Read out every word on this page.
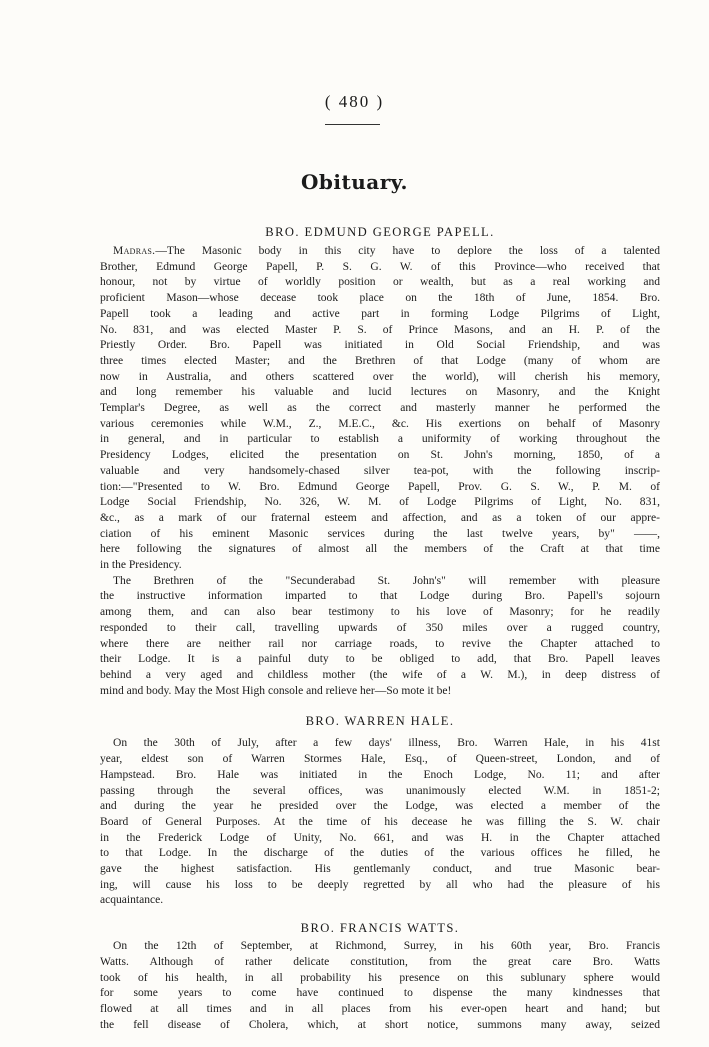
( 480 )
Obituary.
BRO. EDMUND GEORGE PAPELL.
Madras.—The Masonic body in this city have to deplore the loss of a talented
Brother, Edmund George Papell, P. S. G. W. of this Province—who received that
honour, not by virtue of worldly position or wealth, but as a real working and
proficient Mason—whose decease took place on the 18th of June, 1854. Bro.
Papell took a leading and active part in forming Lodge Pilgrims of Light,
No. 831, and was elected Master P. S. of Prince Masons, and an H. P. of the
Priestly Order. Bro. Papell was initiated in Old Social Friendship, and was
three times elected Master; and the Brethren of that Lodge (many of whom are
now in Australia, and others scattered over the world), will cherish his memory,
and long remember his valuable and lucid lectures on Masonry, and the Knight
Templar's Degree, as well as the correct and masterly manner he performed the
various ceremonies while W.M., Z., M.E.C., &c. His exertions on behalf of Masonry
in general, and in particular to establish a uniformity of working throughout the
Presidency Lodges, elicited the presentation on St. John's morning, 1850, of a
valuable and very handsomely-chased silver tea-pot, with the following inscrip-
tion:—"Presented to W. Bro. Edmund George Papell, Prov. G. S. W., P. M. of
Lodge Social Friendship, No. 326, W. M. of Lodge Pilgrims of Light, No. 831,
&c., as a mark of our fraternal esteem and affection, and as a token of our appre-
ciation of his eminent Masonic services during the last twelve years, by" ——,
here following the signatures of almost all the members of the Craft at that time
in the Presidency.
The Brethren of the "Secunderabad St. John's" will remember with pleasure
the instructive information imparted to that Lodge during Bro. Papell's sojourn
among them, and can also bear testimony to his love of Masonry; for he readily
responded to their call, travelling upwards of 350 miles over a rugged country,
where there are neither rail nor carriage roads, to revive the Chapter attached to
their Lodge. It is a painful duty to be obliged to add, that Bro. Papell leaves
behind a very aged and childless mother (the wife of a W. M.), in deep distress of
mind and body. May the Most High console and relieve her—So mote it be!
BRO. WARREN HALE.
On the 30th of July, after a few days' illness, Bro. Warren Hale, in his 41st
year, eldest son of Warren Stormes Hale, Esq., of Queen-street, London, and of
Hampstead. Bro. Hale was initiated in the Enoch Lodge, No. 11; and after
passing through the several offices, was unanimously elected W.M. in 1851-2;
and during the year he presided over the Lodge, was elected a member of the
Board of General Purposes. At the time of his decease he was filling the S. W. chair
in the Frederick Lodge of Unity, No. 661, and was H. in the Chapter attached
to that Lodge. In the discharge of the duties of the various offices he filled, he
gave the highest satisfaction. His gentlemanly conduct, and true Masonic bear-
ing, will cause his loss to be deeply regretted by all who had the pleasure of his
acquaintance.
BRO. FRANCIS WATTS.
On the 12th of September, at Richmond, Surrey, in his 60th year, Bro. Francis
Watts. Although of rather delicate constitution, from the great care Bro. Watts
took of his health, in all probability his presence on this sublunary sphere would
for some years to come have continued to dispense the many kindnesses that
flowed at all times and in all places from his ever-open heart and hand; but
the fell disease of Cholera, which, at short notice, summons many away, seized
